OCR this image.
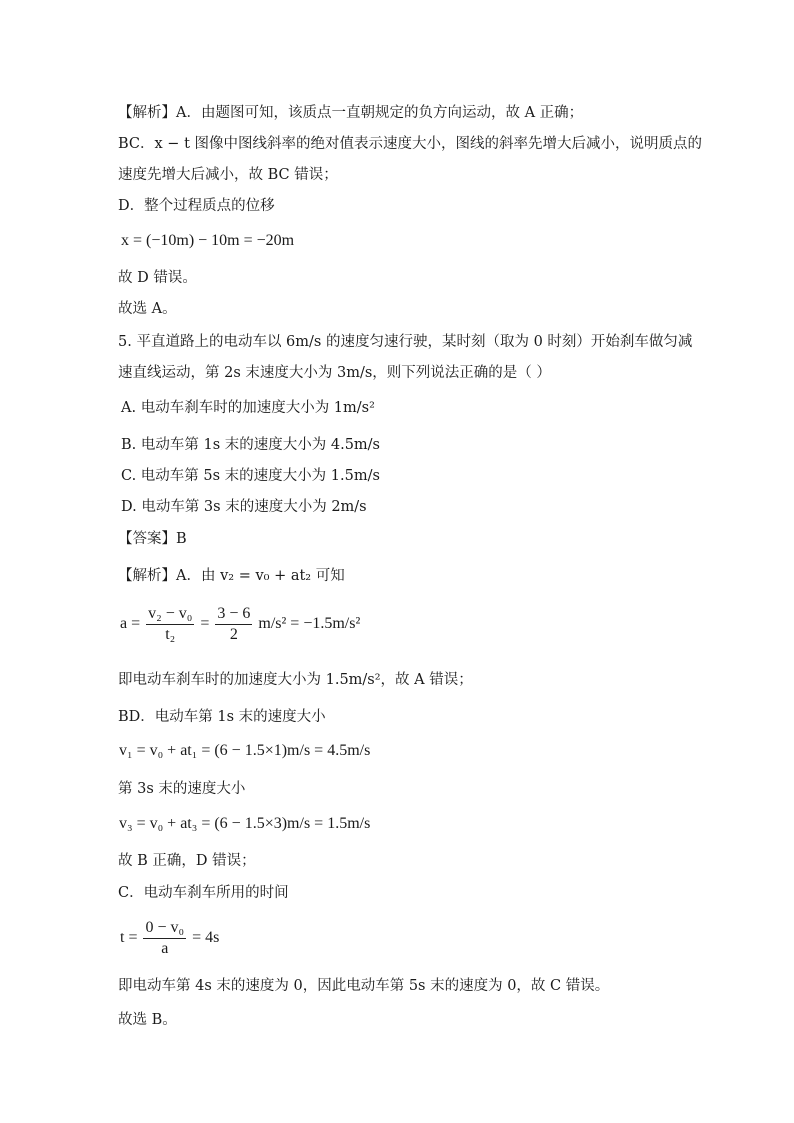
【解析】A．由题图可知，该质点一直朝规定的负方向运动，故 A 正确；
BC．x − t 图像中图线斜率的绝对值表示速度大小，图线的斜率先增大后减小，说明质点的
速度先增大后减小，故 BC 错误；
D．整个过程质点的位移
x = (−10m) − 10m = −20m
故 D 错误。
故选 A。
5. 平直道路上的电动车以 6m/s 的速度匀速行驶，某时刻（取为 0 时刻）开始刹车做匀减
速直线运动，第 2s 末速度大小为 3m/s，则下列说法正确的是（ ）
A. 电动车刹车时的加速度大小为 1m/s²
B. 电动车第 1s 末的速度大小为 4.5m/s
C. 电动车第 5s 末的速度大小为 1.5m/s
D. 电动车第 3s 末的速度大小为 2m/s
【答案】B
【解析】A．由 v₂ = v₀ + at₂ 可知
$a = \frac{\text{v₂ − v₀}}{\text{t₂}} = \frac{3 - 6}{2} m/s^2 = -1.5m/s^2$
即电动车刹车时的加速度大小为 1.5m/s²，故 A 错误；
BD．电动车第 1s 末的速度大小
v₁ = v₀ + at₁ = (6 − 1.5×1)m/s = 4.5m/s
第 3s 末的速度大小
v₃ = v₀ + at₃ = (6 − 1.5×3)m/s = 1.5m/s
故 B 正确，D 错误；
C．电动车刹车所用的时间
$t = \frac{\text{0 − v₀}}{a} = 4s$
即电动车第 4s 末的速度为 0，因此电动车第 5s 末的速度为 0，故 C 错误。
故选 B。
